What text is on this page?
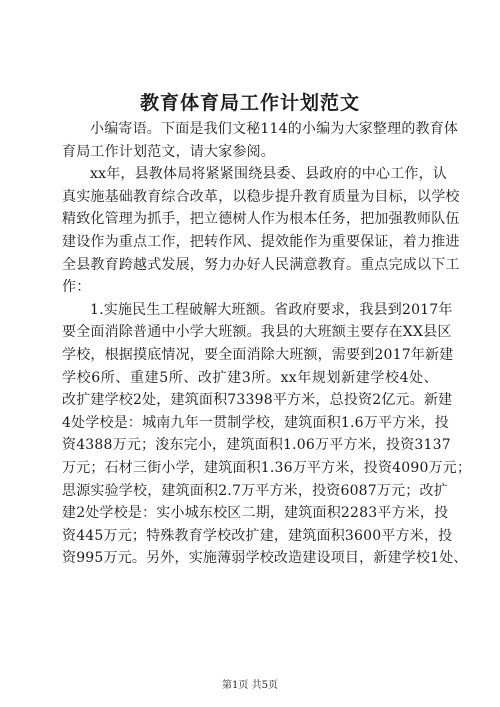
教育体育局工作计划范文
小编寄语。下面是我们文秘114的小编为大家整理的教育体
育局工作计划范文，请大家参阅。
xx年，县教体局将紧紧围绕县委、县政府的中心工作，认
真实施基础教育综合改革，以稳步提升教育质量为目标，以学校
精致化管理为抓手，把立德树人作为根本任务，把加强教师队伍
建设作为重点工作，把转作风、提效能作为重要保证，着力推进
全县教育跨越式发展，努力办好人民满意教育。重点完成以下工
作：
1.实施民生工程破解大班额。省政府要求，我县到2017年
要全面消除普通中小学大班额。我县的大班额主要存在XX县区
学校，根据摸底情况，要全面消除大班额，需要到2017年新建
学校6所、重建5所、改扩建3所。xx年规划新建学校4处、
改扩建学校2处，建筑面积73398平方米，总投资2亿元。新建
4处学校是：城南九年一贯制学校，建筑面积1.6万平方米，投
资4388万元；浚东完小，建筑面积1.06万平方米，投资3137
万元；石材三街小学，建筑面积1.36万平方米，投资4090万元；
思源实验学校，建筑面积2.7万平方米，投资6087万元；改扩
建2处学校是：实小城东校区二期，建筑面积2283平方米，投
资445万元；特殊教育学校改扩建，建筑面积3600平方米，投
资995万元。另外，实施薄弱学校改造建设项目，新建学校1处、
第1页 共5页
